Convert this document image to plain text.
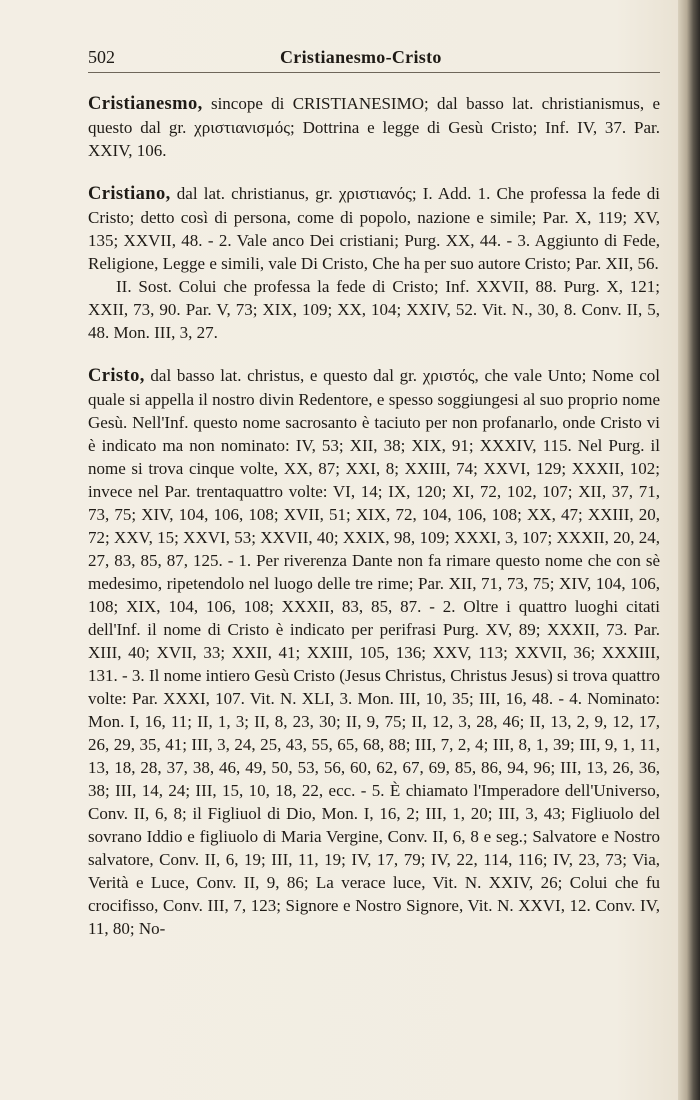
502	Cristianesmo-Cristo

Cristianesmo, sincope di CRISTIANESIMO; dal basso lat. christianismus, e questo dal gr. χριστιανισμός; Dottrina e legge di Gesù Cristo; Inf. IV, 37. Par. XXIV, 106.

Cristiano, dal lat. christianus, gr. χριστιανός; I. Add. 1. Che professa la fede di Cristo; detto così di persona, come di popolo, nazione e simile; Par. X, 119; XV, 135; XXVII, 48. - 2. Vale anco Dei cristiani; Purg. XX, 44. - 3. Aggiunto di Fede, Religione, Legge e simili, vale Di Cristo, Che ha per suo autore Cristo; Par. XII, 56.

II. Sost. Colui che professa la fede di Cristo; Inf. XXVII, 88. Purg. X, 121; XXII, 73, 90. Par. V, 73; XIX, 109; XX, 104; XXIV, 52. Vit. N., 30, 8. Conv. II, 5, 48. Mon. III, 3, 27.

Cristo, dal basso lat. christus, e questo dal gr. χριστός, che vale Unto; Nome col quale si appella il nostro divin Redentore, e spesso soggiungesi al suo proprio nome Gesù. Nell'Inf. questo nome sacrosanto è taciuto per non profanarlo, onde Cristo vi è indicato ma non nominato: IV, 53; XII, 38; XIX, 91; XXXIV, 115. Nel Purg. il nome si trova cinque volte, XX, 87; XXI, 8; XXIII, 74; XXVI, 129; XXXII, 102; invece nel Par. trentaquattro volte: VI, 14; IX, 120; XI, 72, 102, 107; XII, 37, 71, 73, 75; XIV, 104, 106, 108; XVII, 51; XIX, 72, 104, 106, 108; XX, 47; XXIII, 20, 72; XXV, 15; XXVI, 53; XXVII, 40; XXIX, 98, 109; XXXI, 3, 107; XXXII, 20, 24, 27, 83, 85, 87, 125. - 1. Per riverenza Dante non fa rimare questo nome che con sè medesimo, ripetendolo nel luogo delle tre rime; Par. XII, 71, 73, 75; XIV, 104, 106, 108; XIX, 104, 106, 108; XXXII, 83, 85, 87. - 2. Oltre i quattro luoghi citati dell'Inf. il nome di Cristo è indicato per perifrasi Purg. XV, 89; XXXII, 73. Par. XIII, 40; XVII, 33; XXII, 41; XXIII, 105, 136; XXV, 113; XXVII, 36; XXXIII, 131. - 3. Il nome intiero Gesù Cristo (Jesus Christus, Christus Jesus) si trova quattro volte: Par. XXXI, 107. Vit. N. XLI, 3. Mon. III, 10, 35; III, 16, 48. - 4. Nominato: Mon. I, 16, 11; II, 1, 3; II, 8, 23, 30; II, 9, 75; II, 12, 3, 28, 46; II, 13, 2, 9, 12, 17, 26, 29, 35, 41; III, 3, 24, 25, 43, 55, 65, 68, 88; III, 7, 2, 4; III, 8, 1, 39; III, 9, 1, 11, 13, 18, 28, 37, 38, 46, 49, 50, 53, 56, 60, 62, 67, 69, 85, 86, 94, 96; III, 13, 26, 36, 38; III, 14, 24; III, 15, 10, 18, 22, ecc. - 5. È chiamato l'Imperadore dell'Universo, Conv. II, 6, 8; il Figliuol di Dio, Mon. I, 16, 2; III, 1, 20; III, 3, 43; Figliuolo del sovrano Iddio e figliuolo di Maria Vergine, Conv. II, 6, 8 e seg.; Salvatore e Nostro salvatore, Conv. II, 6, 19; III, 11, 19; IV, 17, 79; IV, 22, 114, 116; IV, 23, 73; Via, Verità e Luce, Conv. II, 9, 86; La verace luce, Vit. N. XXIV, 26; Colui che fu crocifisso, Conv. III, 7, 123; Signore e Nostro Signore, Vit. N. XXVI, 12. Conv. IV, 11, 80; No-
